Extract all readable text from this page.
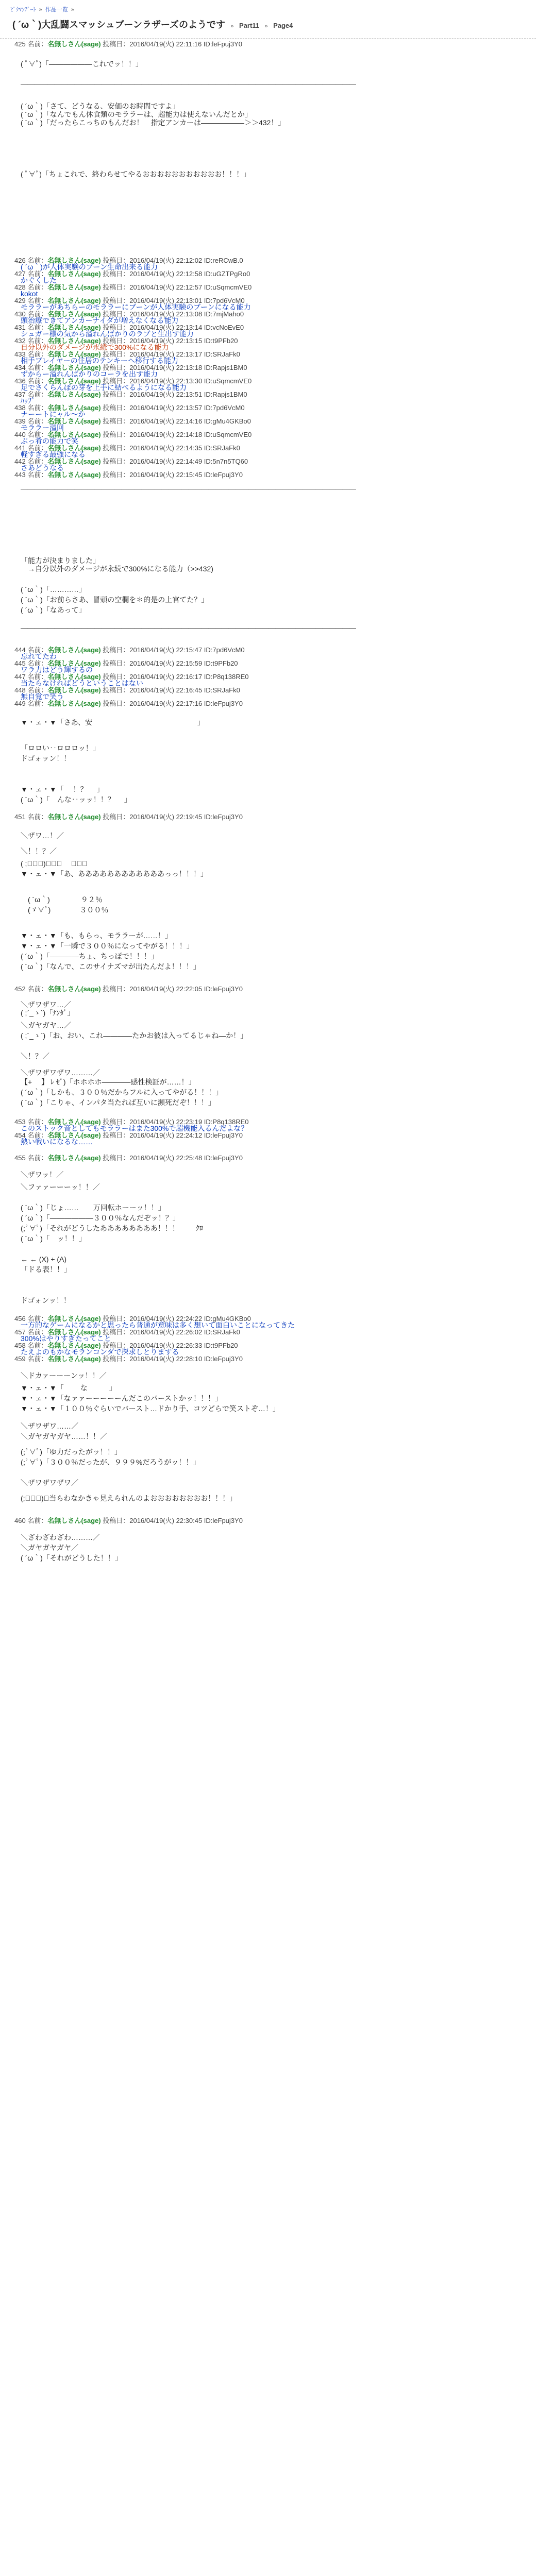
ﾋﾟｸﾏﾝﾃﾞｰﾄ » 作品一覧 »
( ´ω｀)大乱闘スマッシュブーンラザーズのようです » Part11 » Page4
425 名前：名無しさん(sage) 投稿日：2016/04/19(火) 22:11:16 ID:leFpuj3Y0
( ﾟ∀ﾟ)「――――――これでッ！！」
――――――――――――――――――――――――――――――――――――――――――――――――――
( ´ω｀)「さて、どうなる、安価のお時間ですよ」
( ´ω｀)「なんでもん休食類のモララーは、超能力は使えないんだとか」
( ´ω｀)「だったらこっちのもんだお！　指定アンカーは――――――＞＞432！」
( ﾟ∀ﾟ)「ちょこれで、終わらせてやるおおおおおおおおおおお！！！」
426 名前：名無しさん(sage) 投稿日：2016/04/19(火) 22:12:02 ID:reRCwB.0
( ´ω｀)が人体実験のブーン生命出来る能力
427 名前：名無しさん(sage) 投稿日：2016/04/19(火) 22:12:58 ID:uGZTPgRo0
かぐくした
428 名前：名無しさん(sage) 投稿日：2016/04/19(火) 22:12:57 ID:uSqmcmVE0
kokot
429 名前：名無しさん(sage) 投稿日：2016/04/19(火) 22:13:01 ID:7pd6VcM0
モララーがあちらーのモララーにブーンが人体実験のブーンになる能力
430 名前：名無しさん(sage) 投稿日：2016/04/19(火) 22:13:08 ID:7mjMaho0
頭治療できてアンカーナイダが増えなくなる能力
431 名前：名無しさん(sage) 投稿日：2016/04/19(火) 22:13:14 ID:vcNoEvE0
シュガー様の気から溢れんばかりのラブと生出す能力
432 名前：名無しさん(sage) 投稿日：2016/04/19(火) 22:13:15 ID:t9PFb20
自分以外のダメージが永続で300%になる能力
433 名前：名無しさん(sage) 投稿日：2016/04/19(火) 22:13:17 ID:SRJaFk0
相手プレイヤーの住居のテンキーへ移行する能力
434 名前：名無しさん(sage) 投稿日：2016/04/19(火) 22:13:18 ID:Rapjs1BM0
ずからー溢れんばかりのコーラを出す能力
436 名前：名無しさん(sage) 投稿日：2016/04/19(火) 22:13:30 ID:uSqmcmVE0
足でさくらんぼの芽を上手に結べるようになる能力
437 名前：名無しさん(sage) 投稿日：2016/04/19(火) 22:13:51 ID:Rapjs1BM0
ﾊｯﾌﾟ
438 名前：名無しさん(sage) 投稿日：2016/04/19(火) 22:13:57 ID:7pd6VcM0
ナーートにャル～か
439 名前：名無しさん(sage) 投稿日：2016/04/19(火) 22:14:16 ID:gMu4GKBo0
モララー溢回
440 名前：名無しさん(sage) 投稿日：2016/04/19(火) 22:14:18 ID:uSqmcmVE0
ぷっ肴の能力で笑
441 名前：名無しさん(sage) 投稿日：2016/04/19(火) 22:14:35 ID:SRJaFk0
軽すぎる最強になる
442 名前：名無しさん(sage) 投稿日：2016/04/19(火) 22:14:49 ID:5n7n5TQ60
さあどうなる
443 名前：名無しさん(sage) 投稿日：2016/04/19(火) 22:15:45 ID:leFpuj3Y0
――――――――――――――――――――――――――――――――――――――――――――――――――
「能力が決まりました」
　→自分以外のダメージが永続で300%になる能力（>>432)
( ´ω｀)「…………」
( ´ω｀)「お前らさあ、冒頭の空欄を＊的是の上官てた？」
( ´ω｀)「なあって」
――――――――――――――――――――――――――――――――――――――――――――――――――
444 名前：名無しさん(sage) 投稿日：2016/04/19(火) 22:15:47 ID:7pd6VcM0
忘れてたわ
445 名前：名無しさん(sage) 投稿日：2016/04/19(火) 22:15:59 ID:t9PFb20
ワラ力はどう輝するの
447 名前：名無しさん(sage) 投稿日：2016/04/19(火) 22:16:17 ID:P8q138RE0
当たらなければどうということはない
448 名前：名無しさん(sage) 投稿日：2016/04/19(火) 22:16:45 ID:SRJaFk0
無自覚で笑う
449 名前：名無しさん(sage) 投稿日：2016/04/19(火) 22:17:16 ID:leFpuj3Y0
▼・ェ・▼「さあ、安 　　　　　　　　　　　　　　 」
「ロロい‥ロロロッ！」
ドゴォッン！！
▼・ェ・▼「　 ！？　 」
( ´ω｀)「　んな‥ッッ！！？　 」
451 名前：名無しさん(sage) 投稿日：2016/04/19(火) 22:19:45 ID:leFpuj3Y0
＼ザワ…！／
＼！！？／
( ;ﾟ∀ﾟ)「！？　 ！？」
▼・ェ・▼「あ、ああああああああああああっっ！！！」
　( ´ω｀)　　　　 ９２％
　(ゞ∀ﾟ)　　　　３００％
▼・ェ・▼「も、もらっ、モララーが……！」
▼・ェ・▼「一瞬で３００％になってやがる！！！」
( ´ω｀)「――――ちょ、ちっぽで！！！」
( ´ω｀)「なんで、このサイナズマが出たんだよ！！！」
452 名前：名無しさん(sage) 投稿日：2016/04/19(火) 22:22:05 ID:leFpuj3Y0
＼ザワザワ…／
( ;´_ゝ`)「ﾅﾝﾀﾞ」
＼ガヤガヤ…／
( ;´_ゝ`)「お、おい、これ――――たかお彼は入ってるじゃね―か！」
＼！？／
＼ザワザワザワ………／
【+　 】 ﾚ ｾﾞ)「ホホホホ――――感性検証が……！」
( ´ω｀)「しかも、３００％だからフルに入ってやがる！！！」
( ´ω｀)「こりゃ、インパタ当たれば互いに瀕死だぞ！！！」
453 名前：名無しさん(sage) 投稿日：2016/04/19(火) 22:23:19 ID:P8q138RE0
このストック音としてもモララーはまた300%で超機能入るんだよな？
454 名前：名無しさん(sage) 投稿日：2016/04/19(火) 22:24:12 ID:leFpuj3Y0
熱い戦いになるな……
455 名前：名無しさん(sage) 投稿日：2016/04/19(火) 22:25:48 ID:leFpuj3Y0
＼ザワッ！／
＼ファァーーーッ！！／
( ´ω｀)「じょ……　　万回転ホーーッ！！」
( ´ω｀)「――――――３００％なんだぞッ！？」
(;ﾟ∀ﾟ)「それがどうしたああああああああ！！！　　 ｸﾛ
( ´ω｀)「　ッ！！」
← ← (X) + (A)
「ドる表！！」
ドゴォンッ！！
456 名前：名無しさん(sage) 投稿日：2016/04/19(火) 22:24:22 ID:gMu4GKBo0
一方的なゲームになるかと思ったら普通が意味は多く想いて面白いことになってきた
457 名前：名無しさん(sage) 投稿日：2016/04/19(火) 22:26:02 ID:SRJaFk0
300%はやりすぎたってこと
458 名前：名無しさん(sage) 投稿日：2016/04/19(火) 22:26:33 ID:t9PFb20
たえよのもかなモランコンダで探求しとりまする
459 名前：名無しさん(sage) 投稿日：2016/04/19(火) 22:28:10 ID:leFpuj3Y0
＼ドカァーーーンッ！！／
▼・ェ・▼「　　 な　　　」
▼・ェ・▼「なァァーーーーーんだこのバーストかッ！！！」
▼・ェ・▼「１００％ぐらいでバースト…ドかり手、コツどらで笑ストぞ…！」
＼ザワザワ……／
＼ガヤガヤガヤ……！！／
(;ﾟ∀ﾟ)「ゆ力だったがッ！！」
(;ﾟ∀ﾟ)「３００％だったが、９９９%だろうがッ！！」
＼ザワザワザワ／
(;ﾟ∀ﾟ)「当らわなかきゃ見えられんのよおおおおおおおお！！！」
460 名前：名無しさん(sage) 投稿日：2016/04/19(火) 22:30:45 ID:leFpuj3Y0
＼ざわざわざわ………／
＼ガヤガヤガヤ／
( ´ω｀)「それがどうした！！」
